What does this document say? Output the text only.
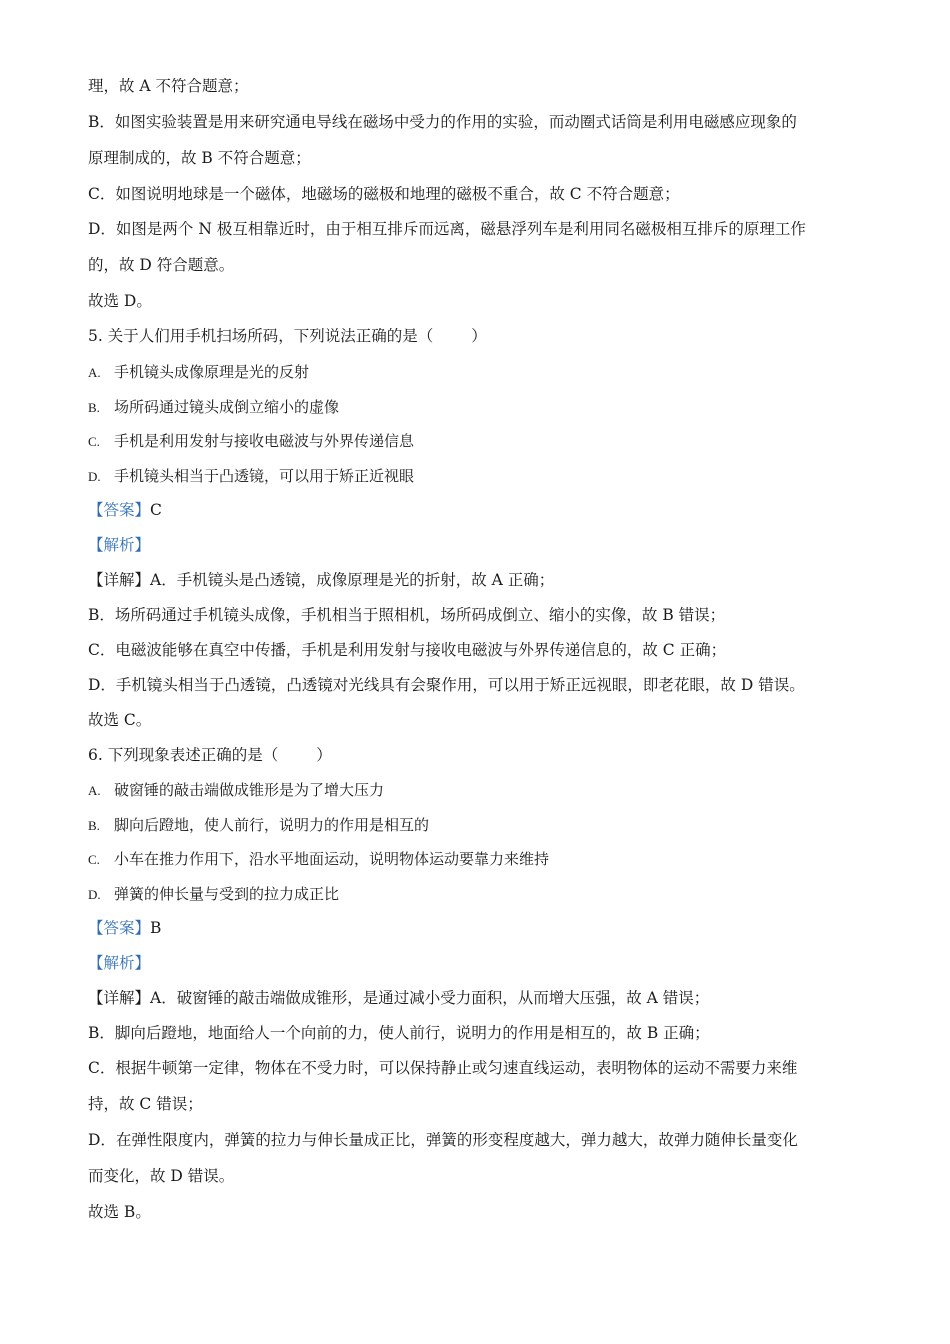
理，故 A 不符合题意；
B．如图实验装置是用来研究通电导线在磁场中受力的作用的实验，而动圈式话筒是利用电磁感应现象的
原理制成的，故 B 不符合题意；
C．如图说明地球是一个磁体，地磁场的磁极和地理的磁极不重合，故 C 不符合题意；
D．如图是两个 N 极互相靠近时，由于相互排斥而远离，磁悬浮列车是利用同名磁极相互排斥的原理工作
的，故 D 符合题意。
故选 D。
5. 关于人们用手机扫场所码，下列说法正确的是（ ）
A. 手机镜头成像原理是光的反射
B. 场所码通过镜头成倒立缩小的虚像
C. 手机是利用发射与接收电磁波与外界传递信息
D. 手机镜头相当于凸透镜，可以用于矫正近视眼
【答案】C
【解析】
【详解】A．手机镜头是凸透镜，成像原理是光的折射，故 A 正确；
B．场所码通过手机镜头成像，手机相当于照相机，场所码成倒立、缩小的实像，故 B 错误；
C．电磁波能够在真空中传播，手机是利用发射与接收电磁波与外界传递信息的，故 C 正确；
D．手机镜头相当于凸透镜，凸透镜对光线具有会聚作用，可以用于矫正远视眼，即老花眼，故 D 错误。
故选 C。
6. 下列现象表述正确的是（ ）
A. 破窗锤的敲击端做成锥形是为了增大压力
B. 脚向后蹬地，使人前行，说明力的作用是相互的
C. 小车在推力作用下，沿水平地面运动，说明物体运动要靠力来维持
D. 弹簧的伸长量与受到的拉力成正比
【答案】B
【解析】
【详解】A．破窗锤的敲击端做成锥形，是通过减小受力面积，从而增大压强，故 A 错误；
B．脚向后蹬地，地面给人一个向前的力，使人前行，说明力的作用是相互的，故 B 正确；
C．根据牛顿第一定律，物体在不受力时，可以保持静止或匀速直线运动，表明物体的运动不需要力来维
持，故 C 错误；
D．在弹性限度内，弹簧的拉力与伸长量成正比，弹簧的形变程度越大，弹力越大，故弹力随伸长量变化
而变化，故 D 错误。
故选 B。
